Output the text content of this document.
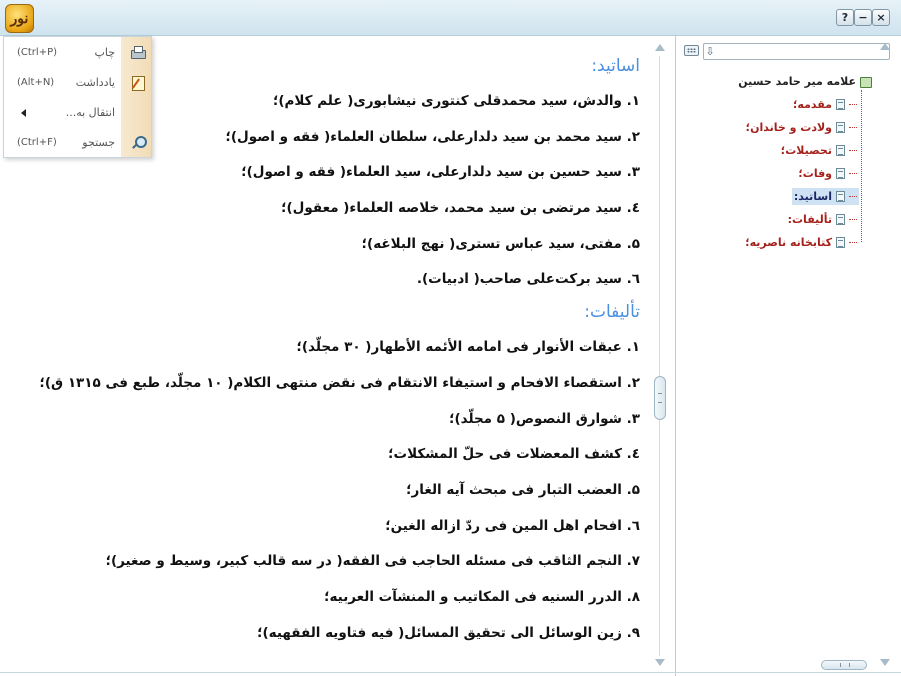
نور	? − ×
اساتید:
۱. والدش، سید محمدقلی کنتوری نیشابوری( علم کلام)؛
۲. سید محمد بن سید دلدارعلی، سلطان العلماء( فقه و اصول)؛
۳. سید حسین بن سید دلدارعلی، سید العلماء( فقه و اصول)؛
٤. سید مرتضی بن سید محمد، خلاصه العلماء( معقول)؛
۵. مفتی، سید عباس تستری( نهج البلاغه)؛
٦. سید برکت‌علی صاحب( ادبیات).
تألیفات:
۱. عبقات الأنوار فی امامه الأئمه الأطهار( ۳۰ مجلّد)؛
۲. استقصاء الافحام و استیفاء الانتقام فی نقض منتهی الکلام( ۱۰ مجلّد، طبع فی ۱۳۱۵ ق)؛
۳. شوارق النصوص( ۵ مجلّد)؛
٤. کشف المعضلات فی حلّ المشکلات؛
۵. العضب التبار فی مبحث آیه الغار؛
٦. افحام اهل المین فی ردّ ازاله الغین؛
۷. النجم الثاقب فی مسئله الحاجب فی الفقه( در سه قالب کبیر، وسیط و صغیر)؛
۸. الدرر السنیه فی المکاتیب و المنشآت العربیه؛
۹. زین الوسائل الی تحقیق المسائل( فیه فتاویه الفقهیه)؛
⇩
علامه میر حامد حسین
مقدمه؛
ولادت و خاندان؛
تحصیلات؛
وفات؛
اساتید:
تألیفات:
کتابخانه ناصریه؛
(Ctrl+P)	چاپ
(Alt+N) یادداشت
انتقال به...
(Ctrl+F) جستجو
